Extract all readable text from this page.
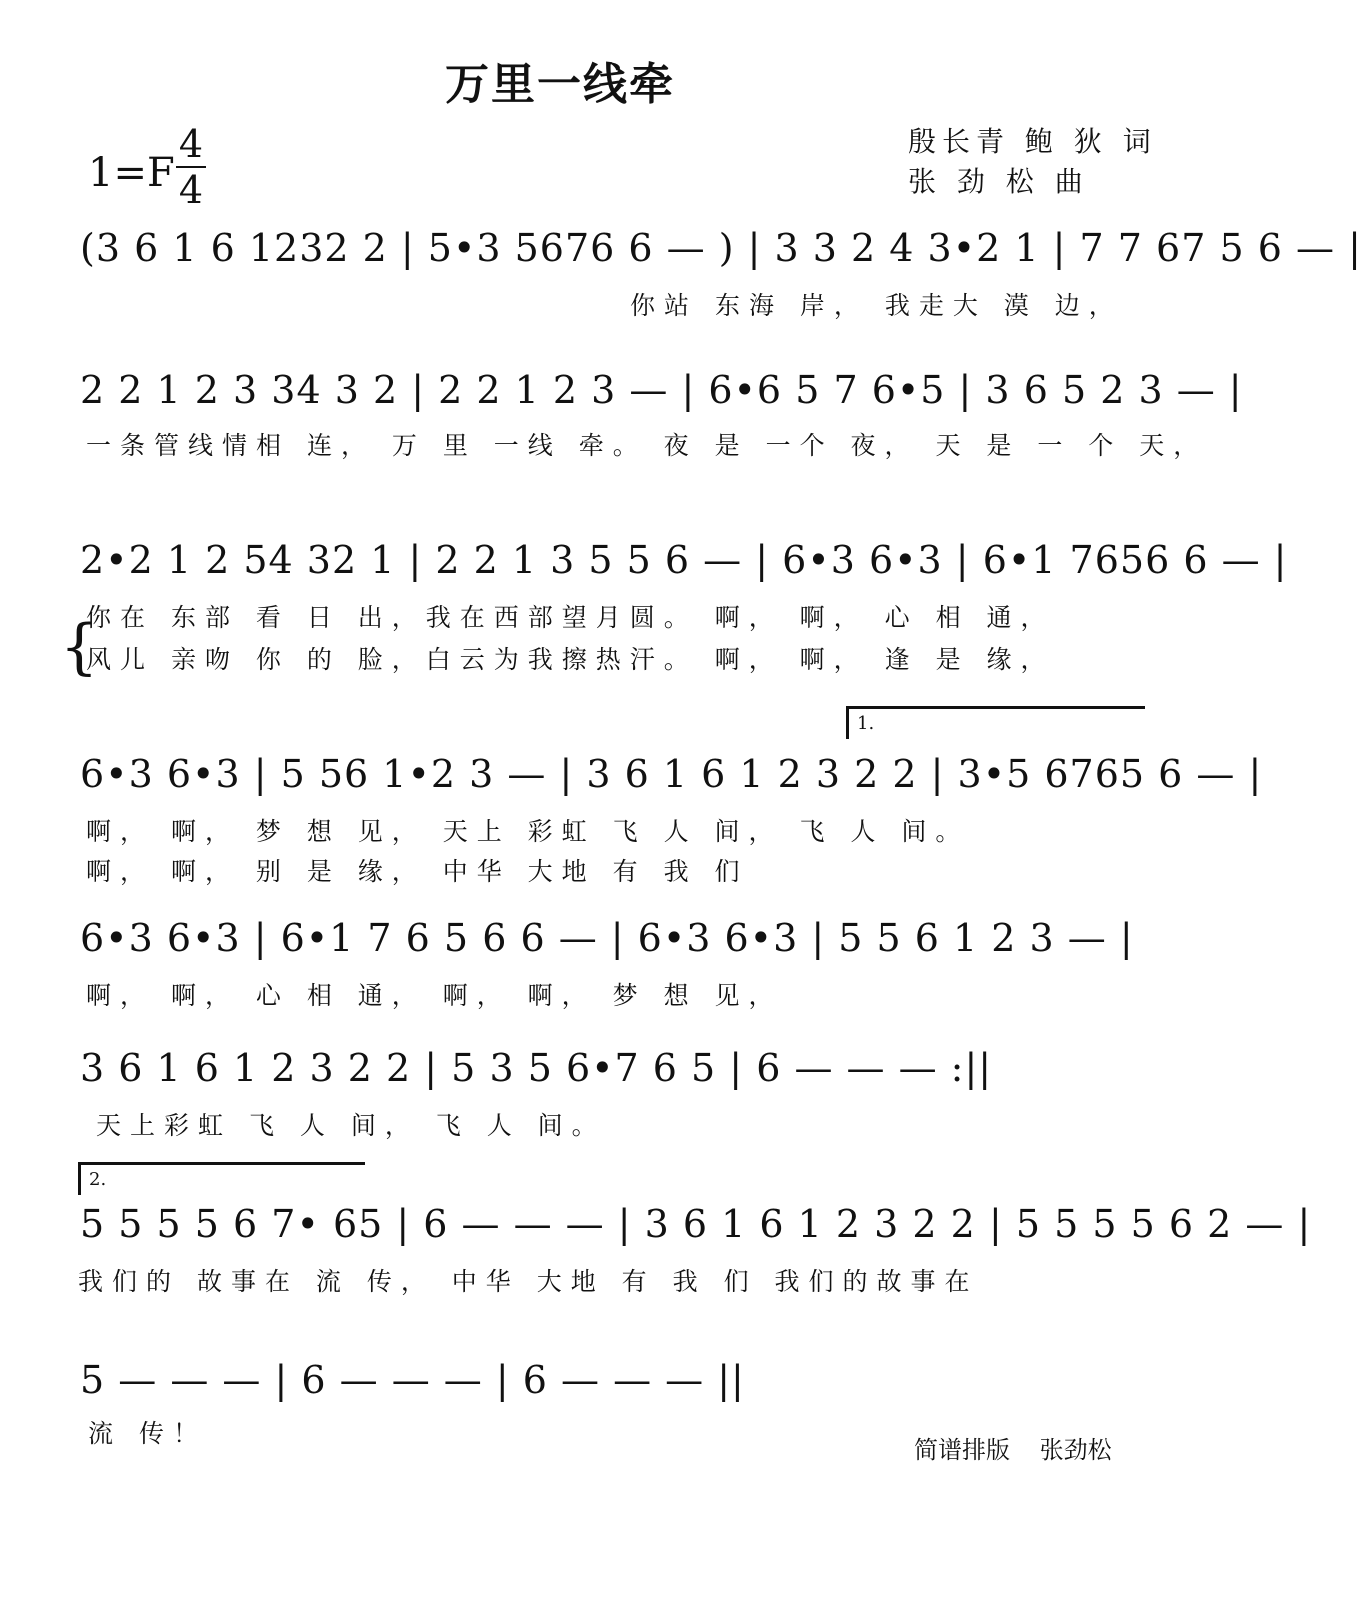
万里一线牵
殷长青 鲍 狄 词
张 劲 松 曲
1=F
4
4
(3 6 1 6 1232 2 | 5•3 5676 6 — ) | 3 3 2 4 3•2 1 | 7 7 67 5 6 — |
你站 东海 岸， 我走大 漠 边，
2 2 1 2 3 34 3 2 | 2 2 1 2 3 — | 6•6 5 7 6•5 | 3 6 5 2 3 — |
一条管线情相 连， 万 里 一线 牵。 夜 是 一个 夜， 天 是 一 个 天，
2•2 1 2 54 32 1 | 2 2 1 3 5 5 6 — | 6•3 6•3 | 6•1 7656 6 — |
{
你在 东部 看 日 出，我在西部望月圆。 啊， 啊， 心 相 通，
风儿 亲吻 你 的 脸，白云为我擦热汗。 啊， 啊， 逢 是 缘，
1.
6•3 6•3 | 5 56 1•2 3 — | 3 6 1 6 1 2 3 2 2 | 3•5 6765 6 — |
啊， 啊， 梦 想 见， 天上 彩虹 飞 人 间， 飞 人 间。
啊， 啊， 别 是 缘， 中华 大地 有 我 们
6•3 6•3 | 6•1 7 6 5 6 6 — | 6•3 6•3 | 5 5 6 1 2 3 — |
啊， 啊， 心 相 通， 啊， 啊， 梦 想 见，
3 6 1 6 1 2 3 2 2 | 5 3 5 6•7 6 5 | 6 — — — :||
天上彩虹 飞 人 间， 飞 人 间。
2.
5 5 5 5 6 7• 65 | 6 — — — | 3 6 1 6 1 2 3 2 2 | 5 5 5 5 6 2 — |
我们的 故事在 流 传， 中华 大地 有 我 们 我们的故事在
5 — — — | 6 — — — | 6 — — — ||
流 传！
简谱排版 张劲松
